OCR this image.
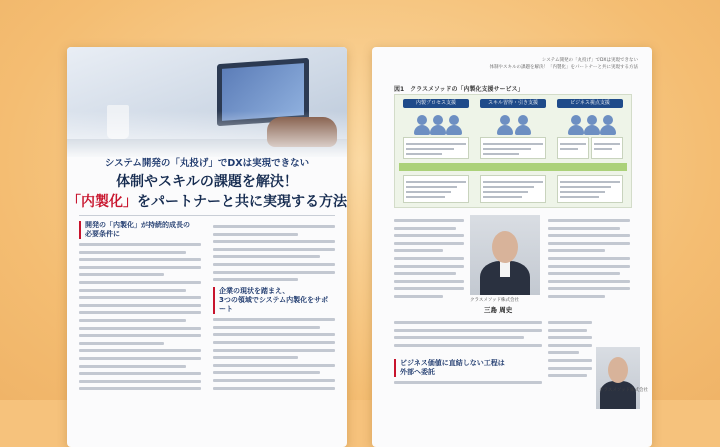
システム開発の「丸投げ」でDXは実現できない
体制やスキルの課題を解決！
「内製化」をパートナーと共に実現する方法
開発の「内製化」が持続的成長の
必要条件に
企業の現状を踏まえ、
3つの領域でシステム内製化をサポート
システム開発の「丸投げ」でDXは実現できない
体制やスキルの課題を解決！「内製化」をパートナーと共に実現する方法
図1　クラスメソッドの「内製化支援サービス」
内製プロセス支援	スキル習得・引き支援	ビジネス視点支援
クラスメソッド株式会社
三島 周史
ビジネス価値に直結しない工程は
外部へ委託
クラスメソッド株式会社
